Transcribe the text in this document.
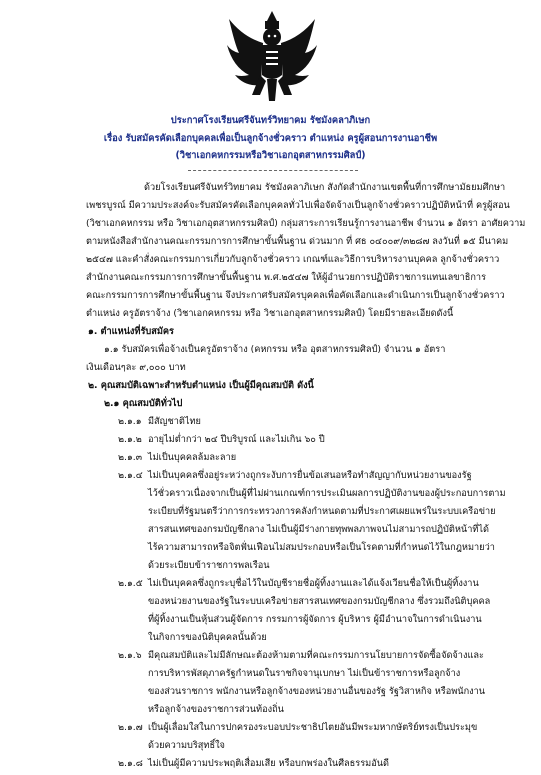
ประกาศโรงเรียนศรีจันทร์วิทยาคม รัชมังคลาภิเษก
เรื่อง รับสมัครคัดเลือกบุคคลเพื่อเป็นลูกจ้างชั่วคราว ตำแหน่ง ครูผู้สอนการงานอาชีพ
(วิชาเอกคหกรรมหรือวิชาเอกอุตสาหกรรมศิลป์)
ด้วยโรงเรียนศรีจันทร์วิทยาคม รัชมังคลาภิเษก สังกัดสำนักงานเขตพื้นที่การศึกษามัธยมศึกษา
เพชรบูรณ์ มีความประสงค์จะรับสมัครคัดเลือกบุคคลทั่วไปเพื่อจัดจ้างเป็นลูกจ้างชั่วคราวปฏิบัติหน้าที่ ครูผู้สอน
(วิชาเอกคหกรรม หรือ วิชาเอกอุตสาหกรรมศิลป์) กลุ่มสาระการเรียนรู้การงานอาชีพ จำนวน ๑ อัตรา อาศัยความ
ตามหนังสือสำนักงานคณะกรรมการการศึกษาขั้นพื้นฐาน ด่วนมาก ที่ ศธ ๐๔๐๐๙/๓๒๘๗ ลงวันที่ ๑๕ มีนาคม
๒๕๔๗ และคำสั่งคณะกรรมการเกี่ยวกับลูกจ้างชั่วคราว เกณฑ์และวิธีการบริหารงานบุคคล ลูกจ้างชั่วคราว
สำนักงานคณะกรรมการการศึกษาขั้นพื้นฐาน พ.ศ.๒๕๔๗ ให้ผู้อำนวยการปฏิบัติราชการแทนเลขาธิการ
คณะกรรมการการศึกษาขั้นพื้นฐาน จึงประกาศรับสมัครบุคคลเพื่อคัดเลือกและดำเนินการเป็นลูกจ้างชั่วคราว
ตำแหน่ง ครูอัตราจ้าง (วิชาเอกคหกรรม หรือ วิชาเอกอุตสาหกรรมศิลป์) โดยมีรายละเอียดดังนี้
๑. ตำแหน่งที่รับสมัคร
๑.๑ รับสมัครเพื่อจ้างเป็นครูอัตราจ้าง (คหกรรม หรือ อุตสาหกรรมศิลป์) จำนวน ๑ อัตรา
เงินเดือนๆละ ๙,๐๐๐ บาท
๒. คุณสมบัติเฉพาะสำหรับตำแหน่ง เป็นผู้มีคุณสมบัติ ดังนี้
๒.๑ คุณสมบัติทั่วไป
๒.๑.๑ มีสัญชาติไทย
๒.๑.๒ อายุไม่ต่ำกว่า ๒๔ ปีบริบูรณ์ และไม่เกิน ๖๐ ปี
๒.๑.๓ ไม่เป็นบุคคลล้มละลาย
๒.๑.๔ ไม่เป็นบุคคลซึ่งอยู่ระหว่างถูกระงับการยื่นข้อเสนอหรือทำสัญญากับหน่วยงานของรัฐ
ไว้ชั่วคราวเนื่องจากเป็นผู้ที่ไม่ผ่านเกณฑ์การประเมินผลการปฏิบัติงานของผู้ประกอบการตาม
ระเบียบที่รัฐมนตรีว่าการกระทรวงการคลังกำหนดตามที่ประกาศเผยแพร่ในระบบเครือข่าย
สารสนเทศของกรมบัญชีกลาง ไม่เป็นผู้มีร่างกายทุพพลภาพจนไม่สามารถปฏิบัติหน้าที่ได้
ไร้ความสามารถหรือจิตฟั่นเฟือนไม่สมประกอบหรือเป็นโรคตามที่กำหนดไว้ในกฎหมายว่า
ด้วยระเบียบข้าราชการพลเรือน
๒.๑.๕ ไม่เป็นบุคคลซึ่งถูกระบุชื่อไว้ในบัญชีรายชื่อผู้ทิ้งงานและได้แจ้งเวียนชื่อให้เป็นผู้ทิ้งงาน
ของหน่วยงานของรัฐในระบบเครือข่ายสารสนเทศของกรมบัญชีกลาง ซึ่งรวมถึงนิติบุคคล
ที่ผู้ทิ้งงานเป็นหุ้นส่วนผู้จัดการ กรรมการผู้จัดการ ผู้บริหาร ผู้มีอำนาจในการดำเนินงาน
ในกิจการของนิติบุคคลนั้นด้วย
๒.๑.๖ มีคุณสมบัติและไม่มีลักษณะต้องห้ามตามที่คณะกรรมการนโยบายการจัดซื้อจัดจ้างและ
การบริหารพัสดุภาครัฐกำหนดในราชกิจจานุเบกษา ไม่เป็นข้าราชการหรือลูกจ้าง
ของส่วนราชการ พนักงานหรือลูกจ้างของหน่วยงานอื่นของรัฐ รัฐวิสาหกิจ หรือพนักงาน
หรือลูกจ้างของราชการส่วนท้องถิ่น
๒.๑.๗ เป็นผู้เลื่อมใสในการปกครองระบอบประชาธิปไตยอันมีพระมหากษัตริย์ทรงเป็นประมุข
ด้วยความบริสุทธิ์ใจ
๒.๑.๘ ไม่เป็นผู้มีความประพฤติเสื่อมเสีย หรือบกพร่องในศีลธรรมอันดี
